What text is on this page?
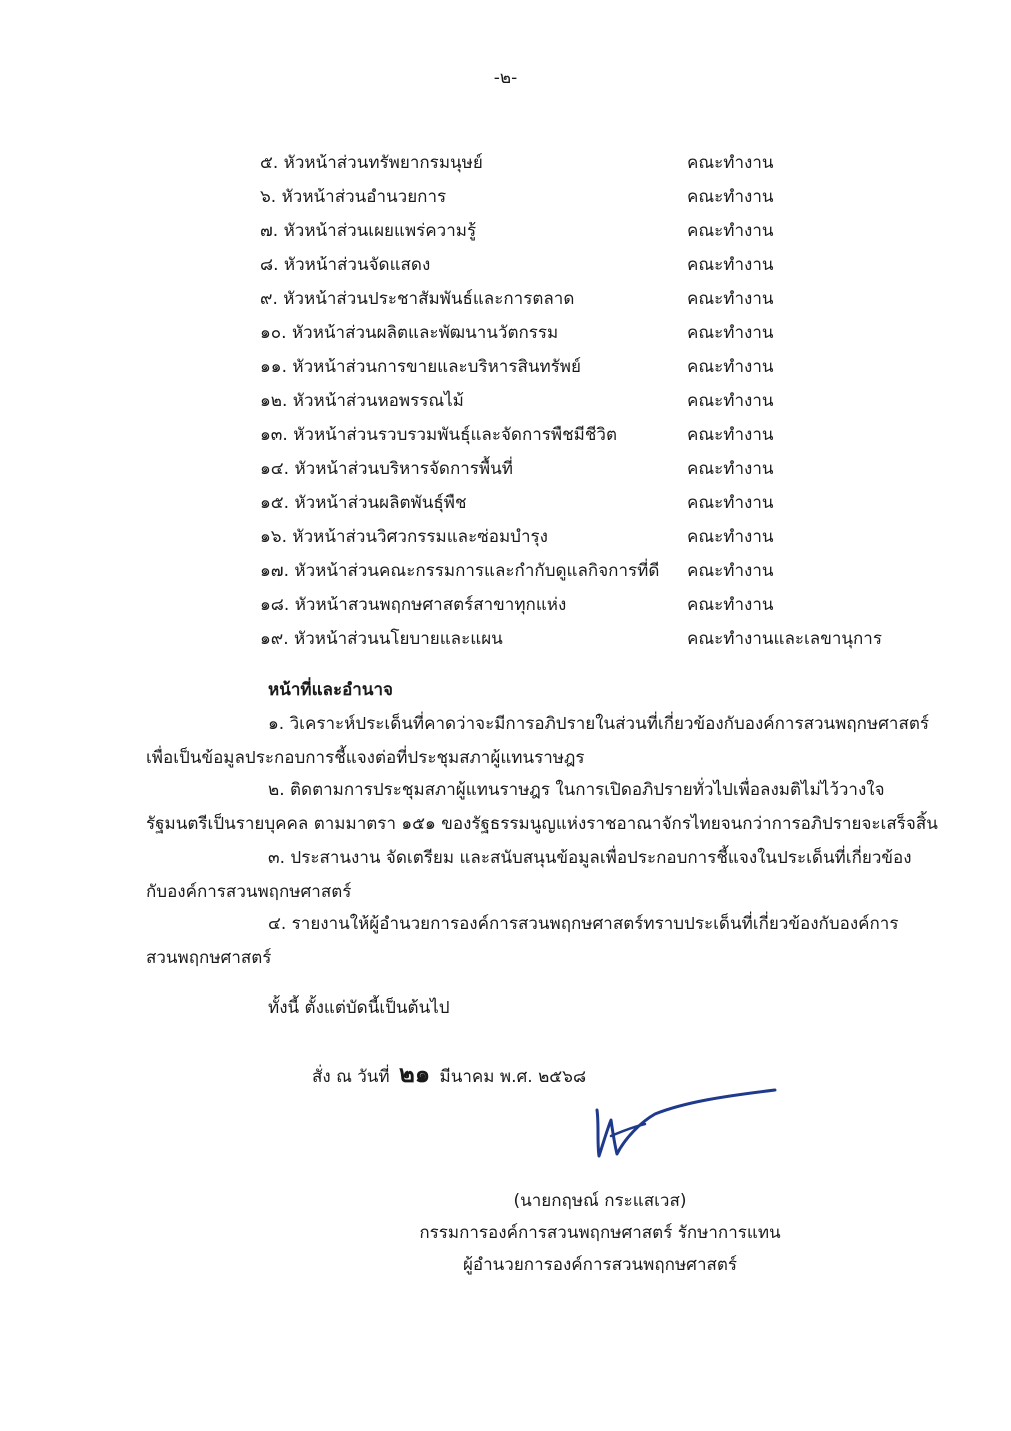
-๒-
๕. หัวหน้าส่วนทรัพยากรมนุษย์	คณะทำงาน
๖. หัวหน้าส่วนอำนวยการ	คณะทำงาน
๗. หัวหน้าส่วนเผยแพร่ความรู้	คณะทำงาน
๘. หัวหน้าส่วนจัดแสดง	คณะทำงาน
๙. หัวหน้าส่วนประชาสัมพันธ์และการตลาด	คณะทำงาน
๑๐. หัวหน้าส่วนผลิตและพัฒนานวัตกรรม	คณะทำงาน
๑๑. หัวหน้าส่วนการขายและบริหารสินทรัพย์	คณะทำงาน
๑๒. หัวหน้าส่วนหอพรรณไม้	คณะทำงาน
๑๓. หัวหน้าส่วนรวบรวมพันธุ์และจัดการพืชมีชีวิต	คณะทำงาน
๑๔. หัวหน้าส่วนบริหารจัดการพื้นที่	คณะทำงาน
๑๕. หัวหน้าส่วนผลิตพันธุ์พืช	คณะทำงาน
๑๖. หัวหน้าส่วนวิศวกรรมและซ่อมบำรุง	คณะทำงาน
๑๗. หัวหน้าส่วนคณะกรรมการและกำกับดูแลกิจการที่ดี คณะทำงาน
๑๘. หัวหน้าสวนพฤกษศาสตร์สาขาทุกแห่ง	คณะทำงาน
๑๙. หัวหน้าส่วนนโยบายและแผน	คณะทำงานและเลขานุการ
หน้าที่และอำนาจ
๑. วิเคราะห์ประเด็นที่คาดว่าจะมีการอภิปรายในส่วนที่เกี่ยวข้องกับองค์การสวนพฤกษศาสตร์
เพื่อเป็นข้อมูลประกอบการชี้แจงต่อที่ประชุมสภาผู้แทนราษฎร
๒. ติดตามการประชุมสภาผู้แทนราษฎร ในการเปิดอภิปรายทั่วไปเพื่อลงมติไม่ไว้วางใจ
รัฐมนตรีเป็นรายบุคคล ตามมาตรา ๑๕๑ ของรัฐธรรมนูญแห่งราชอาณาจักรไทยจนกว่าการอภิปรายจะเสร็จสิ้น
๓. ประสานงาน จัดเตรียม และสนับสนุนข้อมูลเพื่อประกอบการชี้แจงในประเด็นที่เกี่ยวข้อง
กับองค์การสวนพฤกษศาสตร์
๔. รายงานให้ผู้อำนวยการองค์การสวนพฤกษศาสตร์ทราบประเด็นที่เกี่ยวข้องกับองค์การ
สวนพฤกษศาสตร์
ทั้งนี้ ตั้งแต่บัดนี้เป็นต้นไป
สั่ง ณ วันที่ ๒๑ มีนาคม พ.ศ. ๒๕๖๘
(นายกฤษณ์ กระแสเวส)
กรรมการองค์การสวนพฤกษศาสตร์ รักษาการแทน
ผู้อำนวยการองค์การสวนพฤกษศาสตร์
